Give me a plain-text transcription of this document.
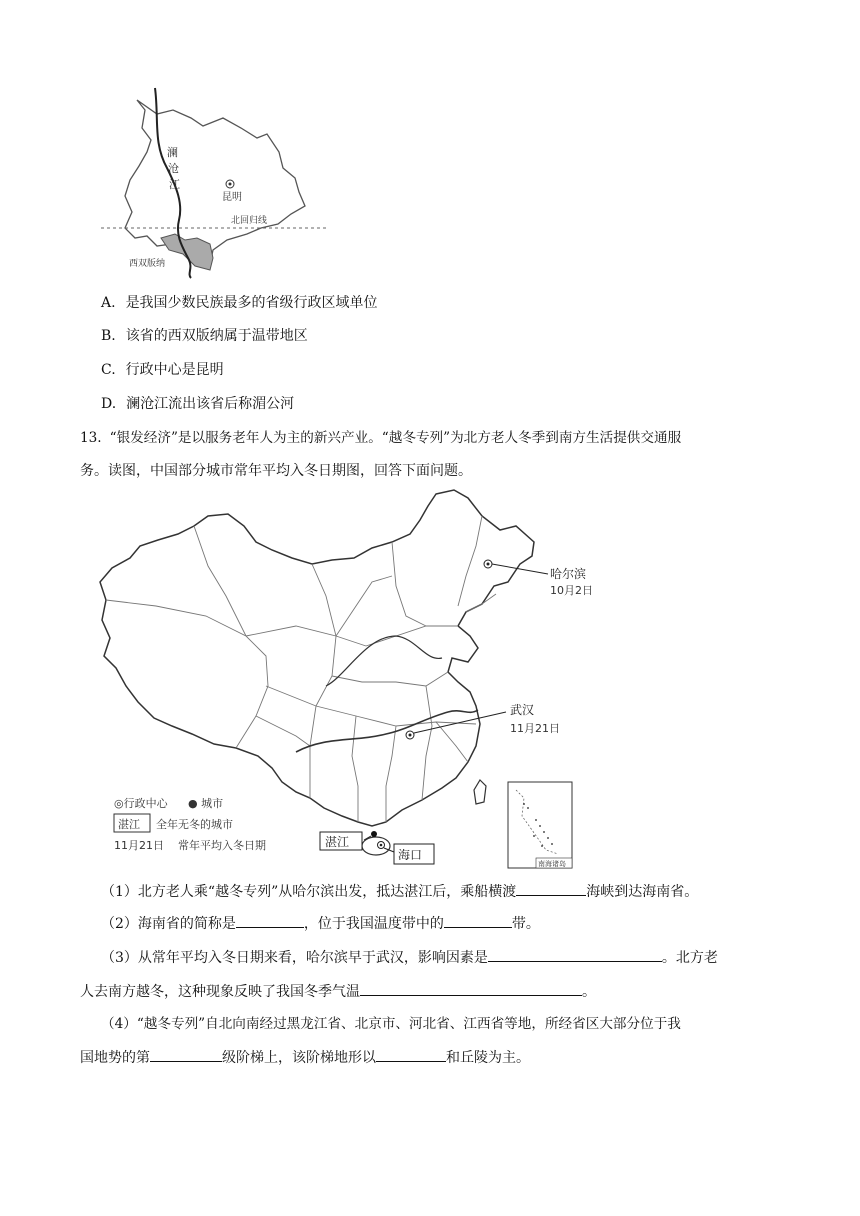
澜
沧
江
昆明
北回归线
西双版纳
A. 是我国少数民族最多的省级行政区域单位
B. 该省的西双版纳属于温带地区
C. 行政中心是昆明
D. 澜沧江流出该省后称湄公河
13. “银发经济”是以服务老年人为主的新兴产业。“越冬专列”为北方老人冬季到南方生活提供交通服
务。读图，中国部分城市常年平均入冬日期图，回答下面问题。
南海诸岛
哈尔滨
10月2日
武汉
11月21日
湛江
海口
◎行政中心 ● 城市
湛江 全年无冬的城市
11月21日 常年平均入冬日期
（1）北方老人乘“越冬专列”从哈尔滨出发，抵达湛江后，乘船横渡	海峡到达海南省。
（2）海南省的简称是	，位于我国温度带中的	带。
（3）从常年平均入冬日期来看，哈尔滨早于武汉，影响因素是	。北方老
人去南方越冬，这种现象反映了我国冬季气温	。
（4）“越冬专列”自北向南经过黑龙江省、北京市、河北省、江西省等地，所经省区大部分位于我
国地势的第	级阶梯上，该阶梯地形以	和丘陵为主。
